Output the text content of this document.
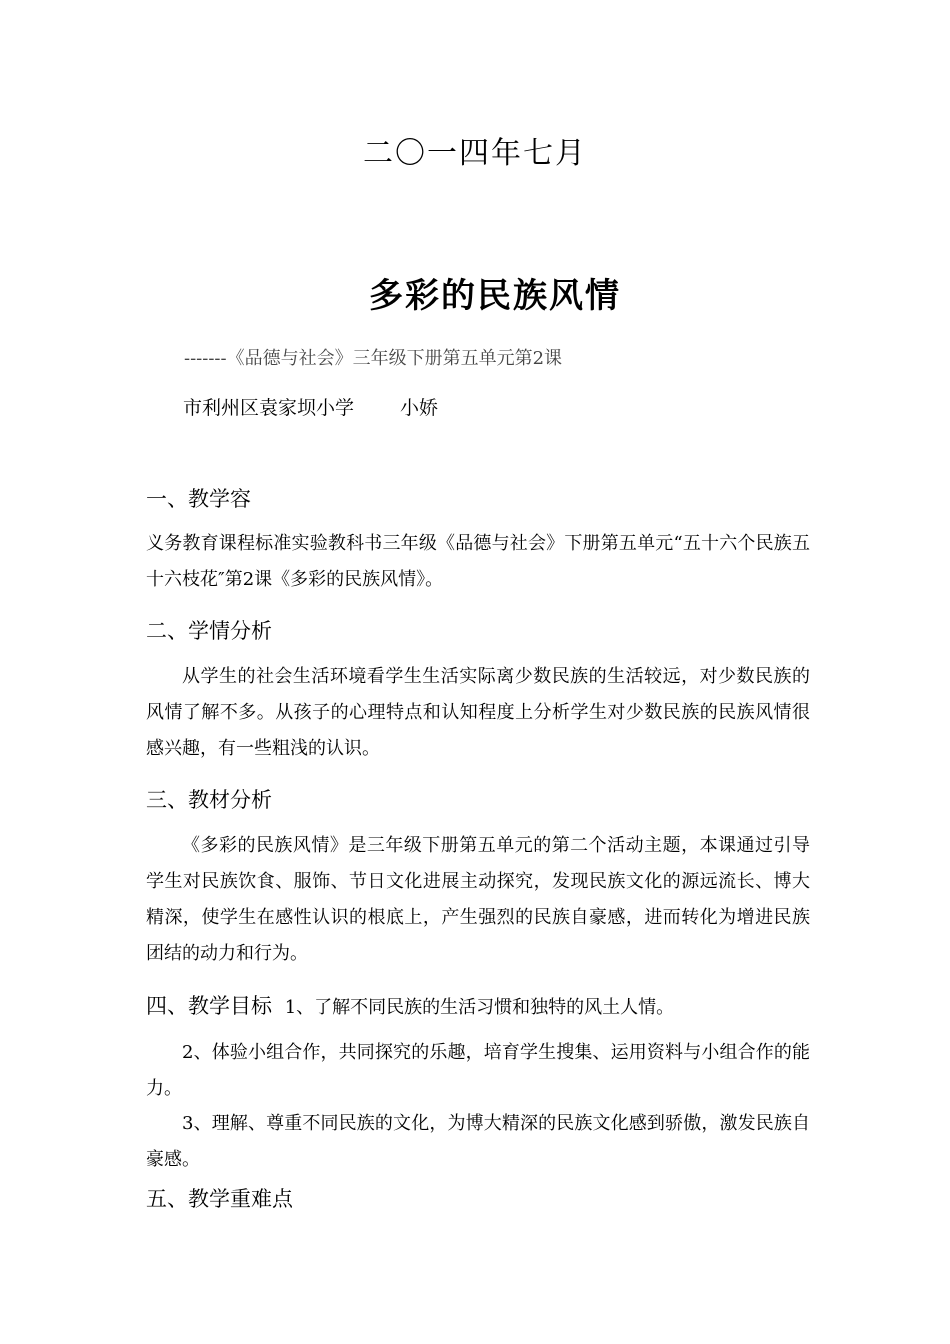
二〇一四年七月
多彩的民族风情
-------《品德与社会》三年级下册第五单元第2课
市利州区袁家坝小学 小娇
一、教学容
义务教育课程标准实验教科书三年级《品德与社会》下册第五单元“五十六个民族五十六枝花″第2课《多彩的民族风情》。
二、学情分析
从学生的社会生活环境看学生生活实际离少数民族的生活较远，对少数民族的风情了解不多。从孩子的心理特点和认知程度上分析学生对少数民族的民族风情很感兴趣，有一些粗浅的认识。
三、教材分析
《多彩的民族风情》是三年级下册第五单元的第二个活动主题，本课通过引导学生对民族饮食、服饰、节日文化进展主动探究，发现民族文化的源远流长、博大精深，使学生在感性认识的根底上，产生强烈的民族自豪感，进而转化为增进民族团结的动力和行为。
四、教学目标 1、了解不同民族的生活习惯和独特的风土人情。
2、体验小组合作，共同探究的乐趣，培育学生搜集、运用资料与小组合作的能力。
3、理解、尊重不同民族的文化，为博大精深的民族文化感到骄傲，激发民族自豪感。
五、教学重难点
